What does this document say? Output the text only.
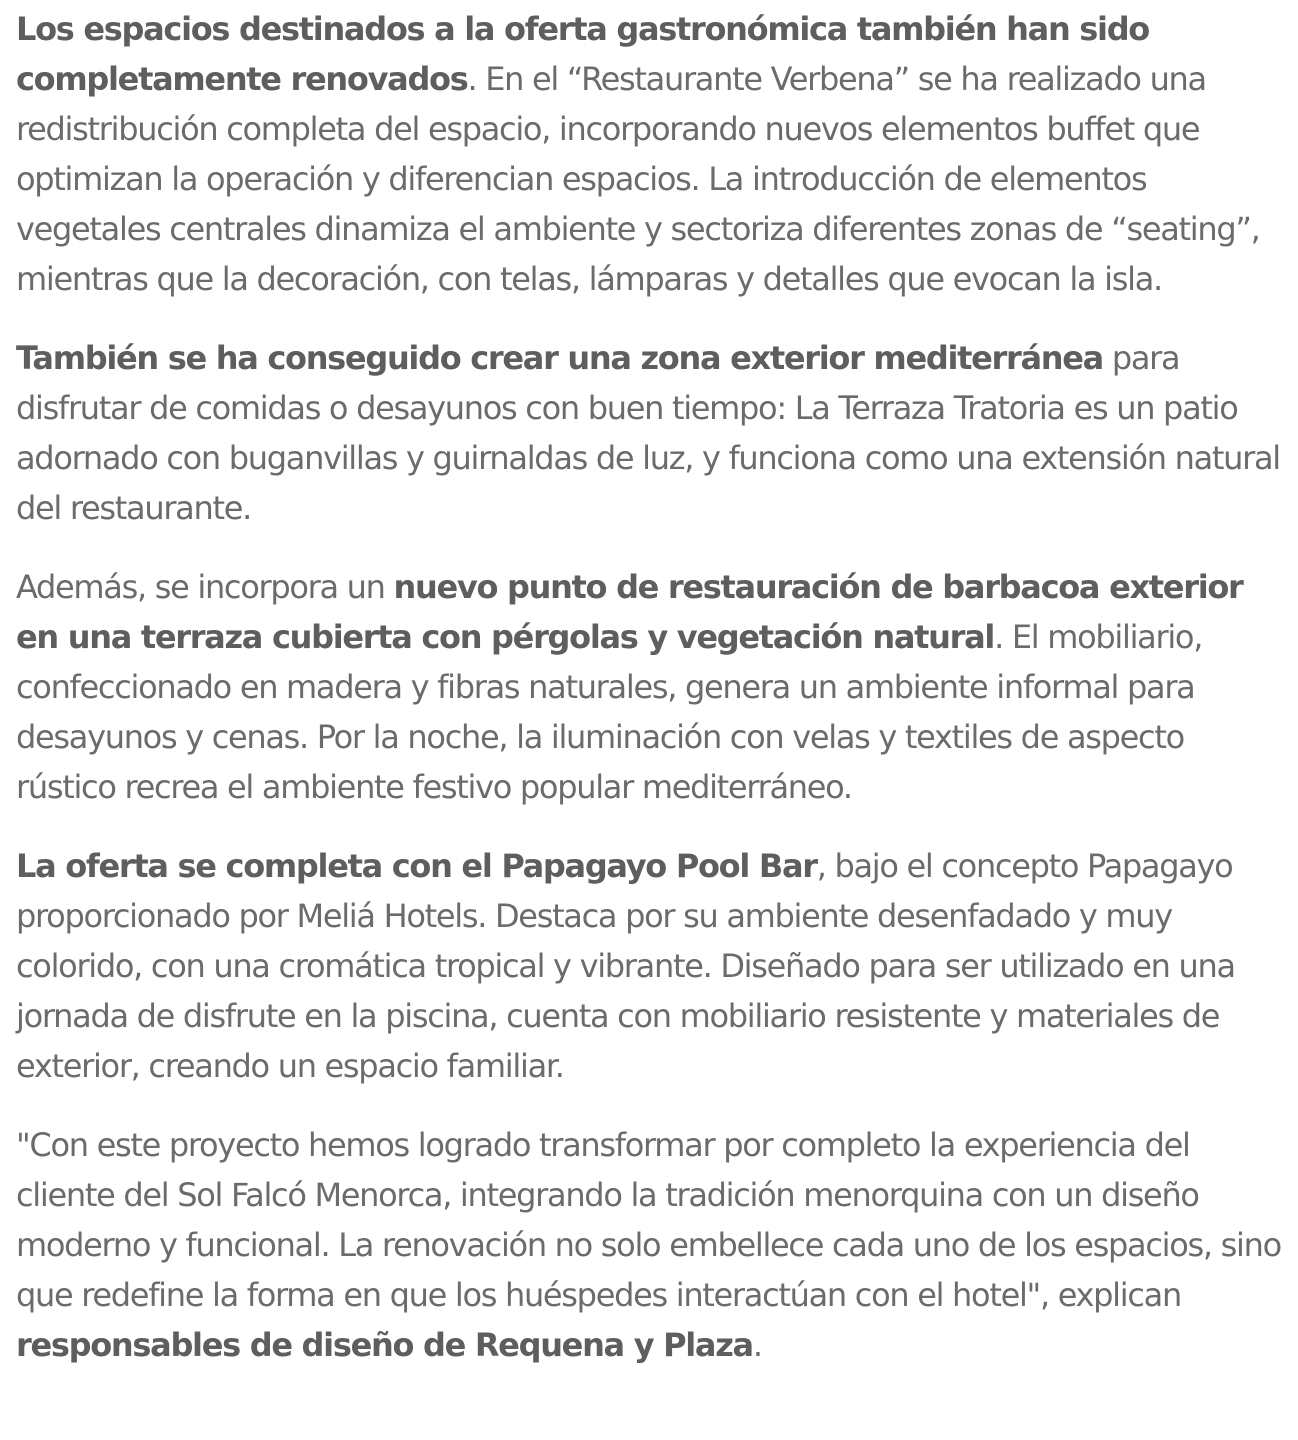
Los espacios destinados a la oferta gastronómica también han sido completamente renovados. En el “Restaurante Verbena” se ha realizado una redistribución completa del espacio, incorporando nuevos elementos buffet que optimizan la operación y diferencian espacios. La introducción de elementos vegetales centrales dinamiza el ambiente y sectoriza diferentes zonas de “seating”, mientras que la decoración, con telas, lámparas y detalles que evocan la isla.

También se ha conseguido crear una zona exterior mediterránea para disfrutar de comidas o desayunos con buen tiempo: La Terraza Tratoria es un patio adornado con buganvillas y guirnaldas de luz, y funciona como una extensión natural del restaurante.

Además, se incorpora un nuevo punto de restauración de barbacoa exterior en una terraza cubierta con pérgolas y vegetación natural. El mobiliario, confeccionado en madera y fibras naturales, genera un ambiente informal para desayunos y cenas. Por la noche, la iluminación con velas y textiles de aspecto rústico recrea el ambiente festivo popular mediterráneo.

La oferta se completa con el Papagayo Pool Bar, bajo el concepto Papagayo proporcionado por Meliá Hotels. Destaca por su ambiente desenfadado y muy colorido, con una cromática tropical y vibrante. Diseñado para ser utilizado en una jornada de disfrute en la piscina, cuenta con mobiliario resistente y materiales de exterior, creando un espacio familiar.

"Con este proyecto hemos logrado transformar por completo la experiencia del cliente del Sol Falcó Menorca, integrando la tradición menorquina con un diseño moderno y funcional. La renovación no solo embellece cada uno de los espacios, sino que redefine la forma en que los huéspedes interactúan con el hotel", explican responsables de diseño de Requena y Plaza.
